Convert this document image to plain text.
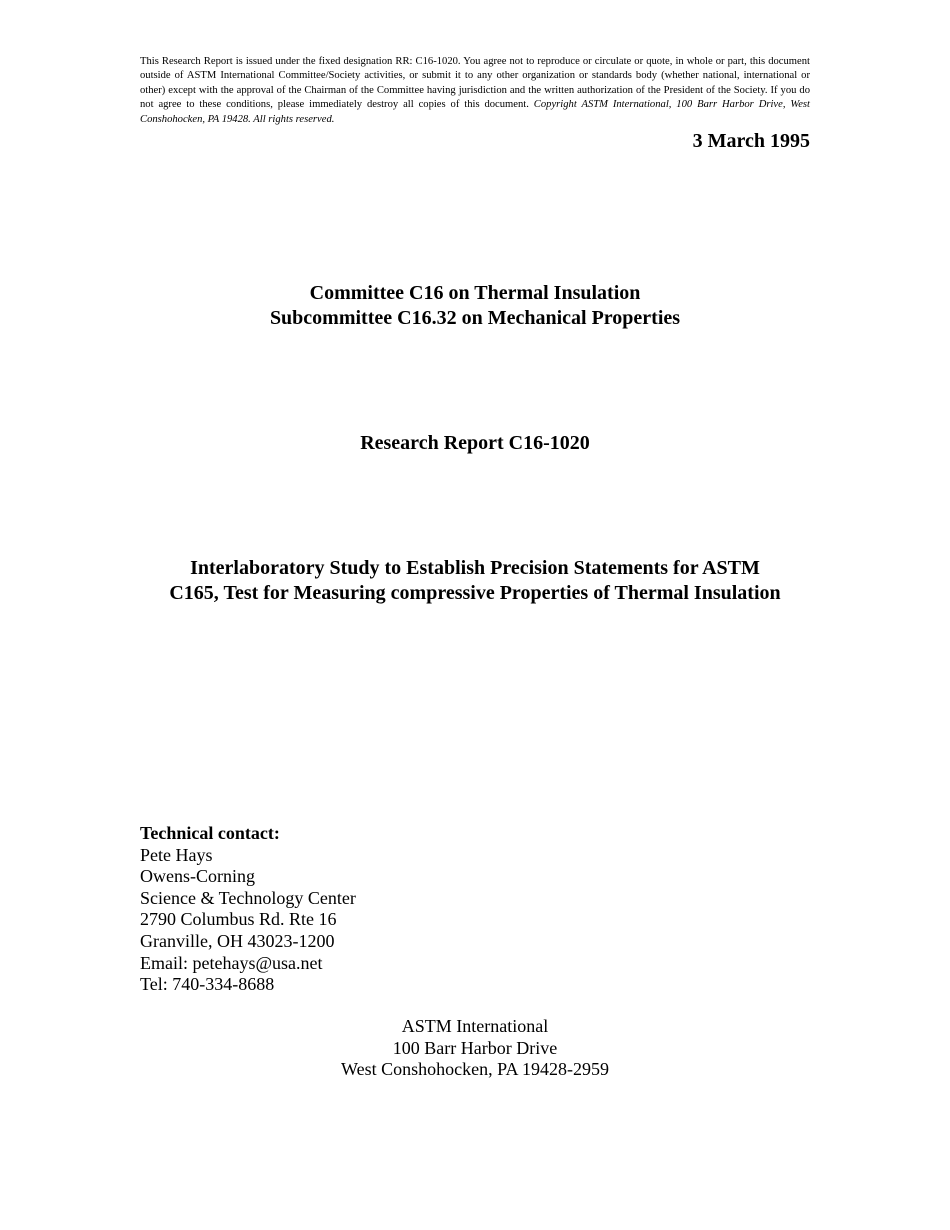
This Research Report is issued under the fixed designation RR: C16-1020. You agree not to reproduce or circulate or quote, in whole or part, this document outside of ASTM International Committee/Society activities, or submit it to any other organization or standards body (whether national, international or other) except with the approval of the Chairman of the Committee having jurisdiction and the written authorization of the President of the Society. If you do not agree to these conditions, please immediately destroy all copies of this document. Copyright ASTM International, 100 Barr Harbor Drive, West Conshohocken, PA 19428. All rights reserved.
3 March 1995
Committee C16 on Thermal Insulation
Subcommittee C16.32 on Mechanical Properties
Research Report C16-1020
Interlaboratory Study to Establish Precision Statements for ASTM
C165, Test for Measuring compressive Properties of Thermal Insulation
Technical contact:
Pete Hays
Owens-Corning
Science & Technology Center
2790 Columbus Rd. Rte 16
Granville, OH 43023-1200
Email: petehays@usa.net
Tel: 740-334-8688
ASTM International
100 Barr Harbor Drive
West Conshohocken, PA 19428-2959
